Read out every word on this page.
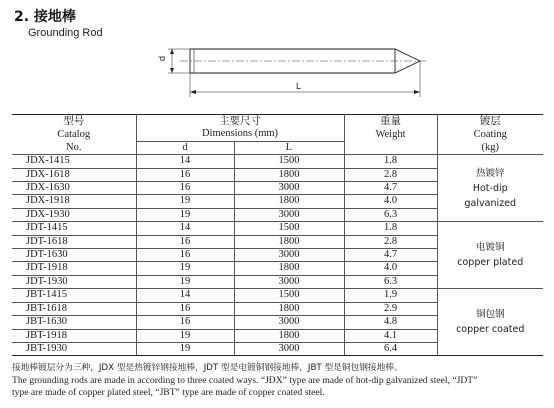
2. 接地棒
Grounding Rod
d
L
型号	主要尺寸		重量	镀层
Catalog	Dimensions (mm)		Weight	Coating
No.	d	L		(kg)
JDX-1415	14	1500	1.8	热镀锌
Hot-dip
galvanized

JDX-1618	16	1800	2.8	
JDX-1630	16	3000	4.7	
JDX-1918	19	1800	4.0	
JDX-1930	19	3000	6.3	
JDT-1415	14	1500	1.8	电镀铜
copper plated

JDT-1618	16	1800	2.8	
JDT-1630	16	3000	4.7	
JDT-1918	19	1800	4.0	
JDT-1930	19	3000	6.3	
JBT-1415	14	1500	1.9	铜包钢
copper coated

JBT-1618	16	1800	2.9	
JBT-1630	16	3000	4.8	
JBT-1918	19	1800	4.1	
JBT-1930	19	3000	6.4	
接地棒镀层分为三种，JDX 型是热镀锌钢接地棒，JDT 型是电镀铜钢接地棒，JBT 型是铜包钢接地棒。
The grounding rods are made in according to three coated ways. “JDX” type are made of hot-dip galvanized steel, “JDT”
type are made of copper plated steel, “JBT” type are made of copper coated steel.
